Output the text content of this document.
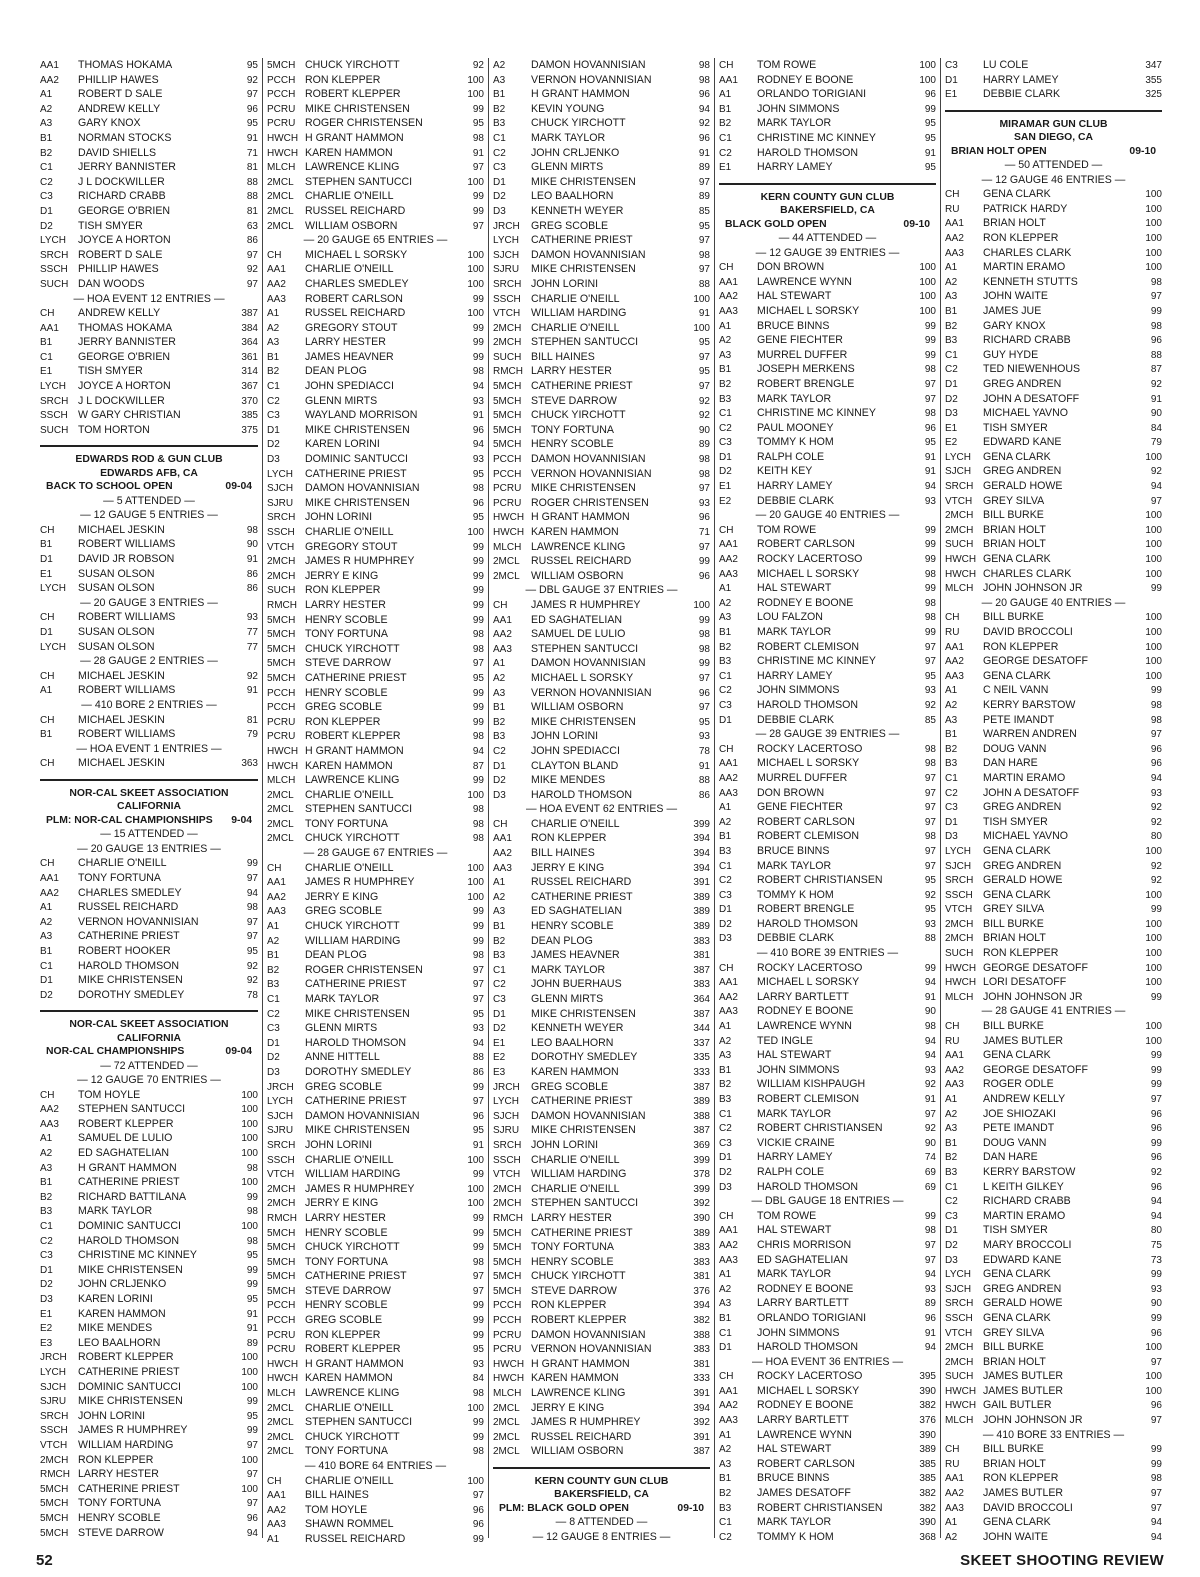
AA1	THOMAS HOKAMA	95
AA2	PHILLIP HAWES	92
A1	ROBERT D SALE	97
A2	ANDREW KELLY	96
A3	GARY KNOX	95
B1	NORMAN STOCKS	91
B2	DAVID SHIELLS	71
C1	JERRY BANNISTER	81
C2	J L DOCKWILLER	88
C3	RICHARD CRABB	88
D1	GEORGE O'BRIEN	81
D2	TISH SMYER	63
LYCH	JOYCE A HORTON	86
SRCH ROBERT D SALE	97
SSCH PHILLIP HAWES	92
SUCH DAN WOODS	97
— HOA EVENT 12 ENTRIES —
CH	ANDREW KELLY	387
AA1	THOMAS HOKAMA	384
B1	JERRY BANNISTER	364
C1	GEORGE O'BRIEN	361
E1	TISH SMYER	314
LYCH	JOYCE A HORTON	367
SRCH J L DOCKWILLER	370
SSCH W GARY CHRISTIAN	385
SUCH TOM HORTON	375
EDWARDS ROD & GUN CLUB
EDWARDS AFB, CA
BACK TO SCHOOL OPEN	09-04
— 5 ATTENDED —
— 12 GAUGE 5 ENTRIES —
CH	MICHAEL JESKIN	98
B1	ROBERT WILLIAMS	90
D1	DAVID JR ROBSON	91
E1	SUSAN OLSON	86
LYCH	SUSAN OLSON	86
— 20 GAUGE 3 ENTRIES —
CH	ROBERT WILLIAMS	93
D1	SUSAN OLSON	77
LYCH	SUSAN OLSON	77
— 28 GAUGE 2 ENTRIES —
CH	MICHAEL JESKIN	92
A1	ROBERT WILLIAMS	91
— 410 BORE 2 ENTRIES —
CH	MICHAEL JESKIN	81
B1	ROBERT WILLIAMS	79
— HOA EVENT 1 ENTRIES —
CH	MICHAEL JESKIN	363
NOR-CAL SKEET ASSOCIATION
CALIFORNIA
PLM: NOR-CAL CHAMPIONSHIPS 9-04
— 15 ATTENDED —
— 20 GAUGE 13 ENTRIES —
CH	CHARLIE O'NEILL	99
AA1	TONY FORTUNA	97
AA2	CHARLES SMEDLEY	94
A1	RUSSEL REICHARD	98
A2	VERNON HOVANNISIAN	97
A3	CATHERINE PRIEST	97
B1	ROBERT HOOKER	95
C1	HAROLD THOMSON	92
D1	MIKE CHRISTENSEN	92
D2	DOROTHY SMEDLEY	78
NOR-CAL SKEET ASSOCIATION
CALIFORNIA
NOR-CAL CHAMPIONSHIPS	09-04
— 72 ATTENDED —
— 12 GAUGE 70 ENTRIES —
CH	TOM HOYLE	100
AA2	STEPHEN SANTUCCI	100
AA3	ROBERT KLEPPER	100
A1	SAMUEL DE LULIO	100
A2	ED SAGHATELIAN	100
A3	H GRANT HAMMON	98
B1	CATHERINE PRIEST	100
B2	RICHARD BATTILANA	99
B3	MARK TAYLOR	98
C1	DOMINIC SANTUCCI	100
C2	HAROLD THOMSON	98
C3	CHRISTINE MC KINNEY	95
D1	MIKE CHRISTENSEN	99
D2	JOHN CRLJENKO	99
D3	KAREN LORINI	95
E1	KAREN HAMMON	91
E2	MIKE MENDES	91
E3	LEO BAALHORN	89
JRCH	ROBERT KLEPPER	100
LYCH	CATHERINE PRIEST	100
SJCH	DOMINIC SANTUCCI	100
SJRU	MIKE CHRISTENSEN	99
SRCH JOHN LORINI	95
SSCH JAMES R HUMPHREY	99
VTCH	WILLIAM HARDING	97
2MCH RON KLEPPER	100
RMCH LARRY HESTER	97
5MCH CATHERINE PRIEST	100
5MCH TONY FORTUNA	97
5MCH HENRY SCOBLE	96
5MCH STEVE DARROW	94
5MCH CHUCK YIRCHOTT	92
PCCH RON KLEPPER	100
PCCH ROBERT KLEPPER	100
PCRU MIKE CHRISTENSEN	99
PCRU ROGER CHRISTENSEN	95
HWCH H GRANT HAMMON	98
HWCH KAREN HAMMON	91
MLCH LAWRENCE KLING	97
2MCL	STEPHEN SANTUCCI	100
2MCL	CHARLIE O'NEILL	99
2MCL	RUSSEL REICHARD	99
2MCL	WILLIAM OSBORN	97
— 20 GAUGE 65 ENTRIES —
CH	MICHAEL L SORSKY	100
AA1	CHARLIE O'NEILL	100
AA2	CHARLES SMEDLEY	100
AA3	ROBERT CARLSON	99
A1	RUSSEL REICHARD	100
A2	GREGORY STOUT	99
A3	LARRY HESTER	99
B1	JAMES HEAVNER	99
B2	DEAN PLOG	98
C1	JOHN SPEDIACCI	94
C2	GLENN MIRTS	93
C3	WAYLAND MORRISON	91
D1	MIKE CHRISTENSEN	96
D2	KAREN LORINI	94
D3	DOMINIC SANTUCCI	93
LYCH	CATHERINE PRIEST	95
SJCH	DAMON HOVANNISIAN	98
SJRU	MIKE CHRISTENSEN	96
SRCH JOHN LORINI	95
SSCH CHARLIE O'NEILL	100
VTCH	GREGORY STOUT	99
2MCH JAMES R HUMPHREY	99
2MCH JERRY E KING	99
SUCH RON KLEPPER	99
RMCH LARRY HESTER	99
5MCH HENRY SCOBLE	99
5MCH TONY FORTUNA	98
5MCH CHUCK YIRCHOTT	98
5MCH STEVE DARROW	97
5MCH CATHERINE PRIEST	95
PCCH HENRY SCOBLE	99
PCCH GREG SCOBLE	99
PCRU RON KLEPPER	99
PCRU ROBERT KLEPPER	98
HWCH H GRANT HAMMON	94
HWCH KAREN HAMMON	87
MLCH LAWRENCE KLING	99
2MCL	CHARLIE O'NEILL	100
2MCL	STEPHEN SANTUCCI	98
2MCL	TONY FORTUNA	98
2MCL	CHUCK YIRCHOTT	98
— 28 GAUGE 67 ENTRIES —
CH	CHARLIE O'NEILL	100
AA1	JAMES R HUMPHREY	100
AA2	JERRY E KING	100
AA3	GREG SCOBLE	99
A1	CHUCK YIRCHOTT	99
A2	WILLIAM HARDING	99
B1	DEAN PLOG	98
B2	ROGER CHRISTENSEN	97
B3	CATHERINE PRIEST	97
C1	MARK TAYLOR	97
C2	MIKE CHRISTENSEN	95
C3	GLENN MIRTS	93
D1	HAROLD THOMSON	94
D2	ANNE HITTELL	88
D3	DOROTHY SMEDLEY	86
JRCH	GREG SCOBLE	99
LYCH	CATHERINE PRIEST	97
SJCH	DAMON HOVANNISIAN	96
SJRU	MIKE CHRISTENSEN	95
SRCH JOHN LORINI	91
SSCH CHARLIE O'NEILL	100
VTCH	WILLIAM HARDING	99
2MCH JAMES R HUMPHREY	100
2MCH JERRY E KING	100
RMCH LARRY HESTER	99
5MCH HENRY SCOBLE	99
5MCH CHUCK YIRCHOTT	99
5MCH TONY FORTUNA	98
5MCH CATHERINE PRIEST	97
5MCH STEVE DARROW	97
PCCH HENRY SCOBLE	99
PCCH GREG SCOBLE	99
PCRU RON KLEPPER	99
PCRU ROBERT KLEPPER	95
HWCH H GRANT HAMMON	93
HWCH KAREN HAMMON	84
MLCH LAWRENCE KLING	98
2MCL	CHARLIE O'NEILL	100
2MCL	STEPHEN SANTUCCI	99
2MCL	CHUCK YIRCHOTT	99
2MCL	TONY FORTUNA	98
— 410 BORE 64 ENTRIES —
CH	CHARLIE O'NEILL	100
AA1	BILL HAINES	97
AA2	TOM HOYLE	96
AA3	SHAWN ROMMEL	96
A1	RUSSEL REICHARD	99
A2	DAMON HOVANNISIAN	98
A3	VERNON HOVANNISIAN	98
B1	H GRANT HAMMON	96
B2	KEVIN YOUNG	94
B3	CHUCK YIRCHOTT	92
C1	MARK TAYLOR	96
C2	JOHN CRLJENKO	91
C3	GLENN MIRTS	89
D1	MIKE CHRISTENSEN	97
D2	LEO BAALHORN	89
D3	KENNETH WEYER	85
JRCH	GREG SCOBLE	95
LYCH	CATHERINE PRIEST	97
SJCH	DAMON HOVANNISIAN	98
SJRU	MIKE CHRISTENSEN	97
SRCH JOHN LORINI	88
SSCH CHARLIE O'NEILL	100
VTCH	WILLIAM HARDING	91
2MCH CHARLIE O'NEILL	100
2MCH STEPHEN SANTUCCI	95
SUCH BILL HAINES	97
RMCH LARRY HESTER	95
5MCH CATHERINE PRIEST	97
5MCH STEVE DARROW	92
5MCH CHUCK YIRCHOTT	92
5MCH TONY FORTUNA	90
5MCH HENRY SCOBLE	89
PCCH DAMON HOVANNISIAN	98
PCCH VERNON HOVANNISIAN	98
PCRU MIKE CHRISTENSEN	97
PCRU ROGER CHRISTENSEN	93
HWCH H GRANT HAMMON	96
HWCH KAREN HAMMON	71
MLCH LAWRENCE KLING	97
2MCL	RUSSEL REICHARD	99
2MCL	WILLIAM OSBORN	96
— DBL GAUGE 37 ENTRIES —
CH	JAMES R HUMPHREY	100
AA1	ED SAGHATELIAN	99
AA2	SAMUEL DE LULIO	98
AA3	STEPHEN SANTUCCI	98
A1	DAMON HOVANNISIAN	99
A2	MICHAEL L SORSKY	97
A3	VERNON HOVANNISIAN	96
B1	WILLIAM OSBORN	97
B2	MIKE CHRISTENSEN	95
B3	JOHN LORINI	93
C2	JOHN SPEDIACCI	78
D1	CLAYTON BLAND	91
D2	MIKE MENDES	88
D3	HAROLD THOMSON	86
— HOA EVENT 62 ENTRIES —
CH	CHARLIE O'NEILL	399
AA1	RON KLEPPER	394
AA2	BILL HAINES	394
AA3	JERRY E KING	394
A1	RUSSEL REICHARD	391
A2	CATHERINE PRIEST	389
A3	ED SAGHATELIAN	389
B1	HENRY SCOBLE	389
B2	DEAN PLOG	383
B3	JAMES HEAVNER	381
C1	MARK TAYLOR	387
C2	JOHN BUERHAUS	383
C3	GLENN MIRTS	364
D1	MIKE CHRISTENSEN	387
D2	KENNETH WEYER	344
E1	LEO BAALHORN	337
E2	DOROTHY SMEDLEY	335
E3	KAREN HAMMON	333
JRCH	GREG SCOBLE	387
LYCH	CATHERINE PRIEST	389
SJCH	DAMON HOVANNISIAN	388
SJRU	MIKE CHRISTENSEN	387
SRCH JOHN LORINI	369
SSCH CHARLIE O'NEILL	399
VTCH	WILLIAM HARDING	378
2MCH CHARLIE O'NEILL	399
2MCH STEPHEN SANTUCCI	392
RMCH LARRY HESTER	390
5MCH CATHERINE PRIEST	389
5MCH TONY FORTUNA	383
5MCH HENRY SCOBLE	383
5MCH CHUCK YIRCHOTT	381
5MCH STEVE DARROW	376
PCCH RON KLEPPER	394
PCCH ROBERT KLEPPER	382
PCRU DAMON HOVANNISIAN	388
PCRU VERNON HOVANNISIAN	383
HWCH H GRANT HAMMON	381
HWCH KAREN HAMMON	333
MLCH LAWRENCE KLING	391
2MCL	JERRY E KING	394
2MCL	JAMES R HUMPHREY	392
2MCL	RUSSEL REICHARD	391
2MCL	WILLIAM OSBORN	387
KERN COUNTY GUN CLUB
BAKERSFIELD, CA
PLM: BLACK GOLD OPEN	09-10
— 8 ATTENDED —
— 12 GAUGE 8 ENTRIES —
CH	TOM ROWE	100
AA1	RODNEY E BOONE	100
A1	ORLANDO TORIGIANI	96
B1	JOHN SIMMONS	99
B2	MARK TAYLOR	95
C1	CHRISTINE MC KINNEY	95
C2	HAROLD THOMSON	91
E1	HARRY LAMEY	95
KERN COUNTY GUN CLUB
BAKERSFIELD, CA
BLACK GOLD OPEN	09-10
— 44 ATTENDED —
— 12 GAUGE 39 ENTRIES —
CH	DON BROWN	100
AA1	LAWRENCE WYNN	100
AA2	HAL STEWART	100
AA3	MICHAEL L SORSKY	100
A1	BRUCE BINNS	99
A2	GENE FIECHTER	99
A3	MURREL DUFFER	99
B1	JOSEPH MERKENS	98
B2	ROBERT BRENGLE	97
B3	MARK TAYLOR	97
C1	CHRISTINE MC KINNEY	98
C2	PAUL MOONEY	96
C3	TOMMY K HOM	95
D1	RALPH COLE	91
D2	KEITH KEY	91
E1	HARRY LAMEY	94
E2	DEBBIE CLARK	93
— 20 GAUGE 40 ENTRIES —
CH	TOM ROWE	99
AA1	ROBERT CARLSON	99
AA2	ROCKY LACERTOSO	99
AA3	MICHAEL L SORSKY	98
A1	HAL STEWART	99
A2	RODNEY E BOONE	98
A3	LOU FALZON	98
B1	MARK TAYLOR	99
B2	ROBERT CLEMISON	97
B3	CHRISTINE MC KINNEY	97
C1	HARRY LAMEY	95
C2	JOHN SIMMONS	93
C3	HAROLD THOMSON	92
D1	DEBBIE CLARK	85
— 28 GAUGE 39 ENTRIES —
CH	ROCKY LACERTOSO	98
AA1	MICHAEL L SORSKY	98
AA2	MURREL DUFFER	97
AA3	DON BROWN	97
A1	GENE FIECHTER	97
A2	ROBERT CARLSON	97
B1	ROBERT CLEMISON	98
B3	BRUCE BINNS	97
C1	MARK TAYLOR	97
C2	ROBERT CHRISTIANSEN	95
C3	TOMMY K HOM	92
D1	ROBERT BRENGLE	95
D2	HAROLD THOMSON	93
D3	DEBBIE CLARK	88
— 410 BORE 39 ENTRIES —
CH	ROCKY LACERTOSO	99
AA1	MICHAEL L SORSKY	94
AA2	LARRY BARTLETT	91
AA3	RODNEY E BOONE	90
A1	LAWRENCE WYNN	98
A2	TED INGLE	94
A3	HAL STEWART	94
B1	JOHN SIMMONS	93
B2	WILLIAM KISHPAUGH	92
B3	ROBERT CLEMISON	91
C1	MARK TAYLOR	97
C2	ROBERT CHRISTIANSEN	92
C3	VICKIE CRAINE	90
D1	HARRY LAMEY	74
D2	RALPH COLE	69
D3	HAROLD THOMSON	69
— DBL GAUGE 18 ENTRIES —
CH	TOM ROWE	99
AA1	HAL STEWART	98
AA2	CHRIS MORRISON	97
AA3	ED SAGHATELIAN	97
A1	MARK TAYLOR	94
A2	RODNEY E BOONE	93
A3	LARRY BARTLETT	89
B1	ORLANDO TORIGIANI	96
C1	JOHN SIMMONS	91
D1	HAROLD THOMSON	94
— HOA EVENT 36 ENTRIES —
CH	ROCKY LACERTOSO	395
AA1	MICHAEL L SORSKY	390
AA2	RODNEY E BOONE	382
AA3	LARRY BARTLETT	376
A1	LAWRENCE WYNN	390
A2	HAL STEWART	389
A3	ROBERT CARLSON	385
B1	BRUCE BINNS	385
B2	JAMES DESATOFF	382
B3	ROBERT CHRISTIANSEN	382
C1	MARK TAYLOR	390
C2	TOMMY K HOM	368
C3	LU COLE	347
D1	HARRY LAMEY	355
E1	DEBBIE CLARK	325
MIRAMAR GUN CLUB
SAN DIEGO, CA
BRIAN HOLT OPEN	09-10
— 50 ATTENDED —
— 12 GAUGE 46 ENTRIES —
CH	GENA CLARK	100
RU	PATRICK HARDY	100
AA1	BRIAN HOLT	100
AA2	RON KLEPPER	100
AA3	CHARLES CLARK	100
A1	MARTIN ERAMO	100
A2	KENNETH STUTTS	98
A3	JOHN WAITE	97
B1	JAMES JUE	99
B2	GARY KNOX	98
B3	RICHARD CRABB	96
C1	GUY HYDE	88
C2	TED NIEWENHOUS	87
D1	GREG ANDREN	92
D2	JOHN A DESATOFF	91
D3	MICHAEL YAVNO	90
E1	TISH SMYER	84
E2	EDWARD KANE	79
LYCH	GENA CLARK	100
SJCH	GREG ANDREN	92
SRCH GERALD HOWE	94
VTCH	GREY SILVA	97
2MCH BILL BURKE	100
2MCH BRIAN HOLT	100
SUCH BRIAN HOLT	100
HWCH GENA CLARK	100
HWCH CHARLES CLARK	100
MLCH JOHN JOHNSON JR	99
— 20 GAUGE 40 ENTRIES —
CH	BILL BURKE	100
RU	DAVID BROCCOLI	100
AA1	RON KLEPPER	100
AA2	GEORGE DESATOFF	100
AA3	GENA CLARK	100
A1	C NEIL VANN	99
A2	KERRY BARSTOW	98
A3	PETE IMANDT	98
B1	WARREN ANDREN	97
B2	DOUG VANN	96
B3	DAN HARE	96
C1	MARTIN ERAMO	94
C2	JOHN A DESATOFF	93
C3	GREG ANDREN	92
D1	TISH SMYER	92
D3	MICHAEL YAVNO	80
LYCH	GENA CLARK	100
SJCH	GREG ANDREN	92
SRCH GERALD HOWE	92
SSCH GENA CLARK	100
VTCH	GREY SILVA	99
2MCH BILL BURKE	100
2MCH BRIAN HOLT	100
SUCH RON KLEPPER	100
HWCH GEORGE DESATOFF	100
HWCH LORI DESATOFF	100
MLCH JOHN JOHNSON JR	99
— 28 GAUGE 41 ENTRIES —
CH	BILL BURKE	100
RU	JAMES BUTLER	100
AA1	GENA CLARK	99
AA2	GEORGE DESATOFF	99
AA3	ROGER ODLE	99
A1	ANDREW KELLY	97
A2	JOE SHIOZAKI	96
A3	PETE IMANDT	96
B1	DOUG VANN	99
B2	DAN HARE	96
B3	KERRY BARSTOW	92
C1	L KEITH GILKEY	96
C2	RICHARD CRABB	94
C3	MARTIN ERAMO	94
D1	TISH SMYER	80
D2	MARY BROCCOLI	75
D3	EDWARD KANE	73
LYCH	GENA CLARK	99
SJCH	GREG ANDREN	93
SRCH GERALD HOWE	90
SSCH GENA CLARK	99
VTCH	GREY SILVA	96
2MCH BILL BURKE	100
2MCH BRIAN HOLT	97
SUCH JAMES BUTLER	100
HWCH JAMES BUTLER	100
HWCH GAIL BUTLER	96
MLCH JOHN JOHNSON JR	97
— 410 BORE 33 ENTRIES —
CH	BILL BURKE	99
RU	BRIAN HOLT	99
AA1	RON KLEPPER	98
AA2	JAMES BUTLER	97
AA3	DAVID BROCCOLI	97
A1	GENA CLARK	94
A2	JOHN WAITE	94
52	SKEET SHOOTING REVIEW
